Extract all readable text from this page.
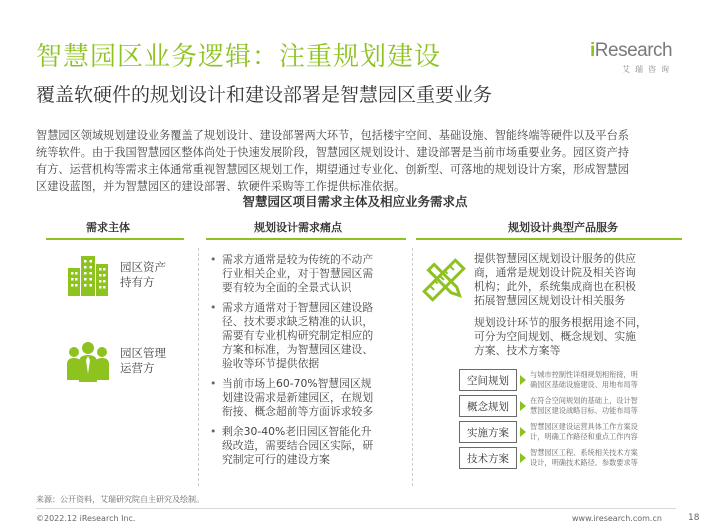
智慧园区业务逻辑：注重规划建设
覆盖软硬件的规划设计和建设部署是智慧园区重要业务
iResearch
艾瑞咨询

智慧园区领域规划建设业务覆盖了规划设计、建设部署两大环节，包括楼宇空间、基础设施、智能终端等硬件以及平台系

统等软件。由于我国智慧园区整体尚处于快速发展阶段，智慧园区规划设计、建设部署是当前市场重要业务。园区资产持

有方、运营机构等需求主体通常重视智慧园区规划工作，期望通过专业化、创新型、可落地的规划设计方案，形成智慧园

区建设蓝图，并为智慧园区的建设部署、软硬件采购等工作提供标准依据。

智慧园区项目需求主体及相应业务需求点
需求主体	规划设计需求痛点	规划设计典型产品服务
园区资产
持有方
园区管理
运营方
• 需求方通常是较为传统的不动产
行业相关企业，对于智慧园区需
要有较为全面的全景式认识
• 需求方通常对于智慧园区建设路
径、技术要求缺乏精准的认识，
需要有专业机构研究制定相应的
方案和标准，为智慧园区建设、
验收等环节提供依据
• 当前市场上60-70%智慧园区规
划建设需求是新建园区，在规划
衔接、概念超前等方面诉求较多
• 剩余30-40%老旧园区智能化升
级改造，需要结合园区实际，研
究制定可行的建设方案
提供智慧园区规划设计服务的供应
商，通常是规划设计院及相关咨询
机构；此外，系统集成商也在积极
拓展智慧园区规划设计相关服务
规划设计环节的服务根据用途不同，
可分为空间规划、概念规划、实施
方案、技术方案等
空间规划	与城市控制性详细规划相衔接，明
确园区基础设施建设、用地布局等
概念规划	在符合空间规划的基础上，设计智
慧园区建设战略目标、功能布局等
实施方案	智慧园区建设运营具体工作方案设
计，明确工作路径和重点工作内容
技术方案	智慧园区工程、系统相关技术方案
设计，明确技术路径、参数要求等
来源：公开资料，艾瑞研究院自主研究及绘制。
©2022.12 iResearch Inc.	www.iresearch.com.cn	18
